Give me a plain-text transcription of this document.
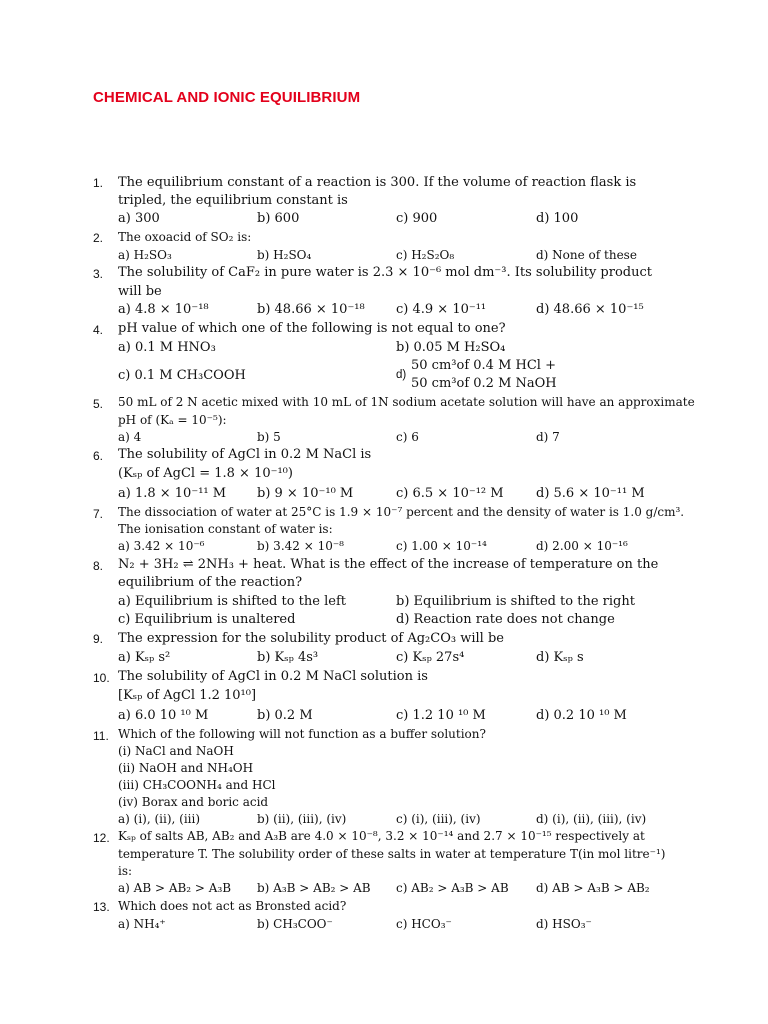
CHEMICAL AND IONIC EQUILIBRIUM
1. The equilibrium constant of a reaction is 300. If the volume of reaction flask is
tripled, the equilibrium constant is
a) 300	b) 600	c) 900	d) 100
2. The oxoacid of SO₂ is:
a) H₂SO₃	b) H₂SO₄	c) H₂S₂O₈	d) None of these
3. The solubility of CaF₂ in pure water is 2.3 × 10⁻⁶ mol dm⁻³. Its solubility product
will be
a) 4.8 × 10⁻¹⁸	b) 48.66 × 10⁻¹⁸ c) 4.9 × 10⁻¹¹	d) 48.66 × 10⁻¹⁵
4. pH value of which one of the following is not equal to one?
a) 0.1 M HNO₃	b) 0.05 M H₂SO₄
c) 0.1 M CH₃COOH	d)
50 cm³of 0.4 M HCl +
50 cm³of 0.2 M NaOH
5. 50 mL of 2 N acetic mixed with 10 mL of 1N sodium acetate solution will have an approximate
pH of (Kₐ = 10⁻⁵):
a) 4	b) 5	c) 6	d) 7
6. The solubility of AgCl in 0.2 M NaCl is
(Kₛₚ of AgCl = 1.8 × 10⁻¹⁰)
a) 1.8 × 10⁻¹¹ M b) 9 × 10⁻¹⁰ M	c) 6.5 × 10⁻¹² M d) 5.6 × 10⁻¹¹ M
7. The dissociation of water at 25°C is 1.9 × 10⁻⁷ percent and the density of water is 1.0 g/cm³.
The ionisation constant of water is:
a) 3.42 × 10⁻⁶	b) 3.42 × 10⁻⁸	c) 1.00 × 10⁻¹⁴	d) 2.00 × 10⁻¹⁶
8. N₂ + 3H₂ ⇌ 2NH₃ + heat. What is the effect of the increase of temperature on the
equilibrium of the reaction?
a) Equilibrium is shifted to the left	b) Equilibrium is shifted to the right
c) Equilibrium is unaltered	d) Reaction rate does not change
9. The expression for the solubility product of Ag₂CO₃ will be
a) Kₛₚ s²	b) Kₛₚ 4s³	c) Kₛₚ 27s⁴	d) Kₛₚ s
10. The solubility of AgCl in 0.2 M NaCl solution is
[Kₛₚ of AgCl 1.2 10¹⁰]
a) 6.0 10 ¹⁰ M	b) 0.2 M	c) 1.2 10 ¹⁰ M	d) 0.2 10 ¹⁰ M
11. Which of the following will not function as a buffer solution?
(i) NaCl and NaOH
(ii) NaOH and NH₄OH
(iii) CH₃COONH₄ and HCl
(iv) Borax and boric acid
a) (i), (ii), (iii)	b) (ii), (iii), (iv)	c) (i), (iii), (iv)	d) (i), (ii), (iii), (iv)
12. Kₛₚ of salts AB, AB₂ and A₃B are 4.0 × 10⁻⁸, 3.2 × 10⁻¹⁴ and 2.7 × 10⁻¹⁵ respectively at
temperature T. The solubility order of these salts in water at temperature T(in mol litre⁻¹)
is:
a) AB > AB₂ > A₃B b) A₃B > AB₂ > AB c) AB₂ > A₃B > AB d) AB > A₃B > AB₂
13. Which does not act as Bronsted acid?
a) NH₄⁺	b) CH₃COO⁻	c) HCO₃⁻	d) HSO₃⁻
